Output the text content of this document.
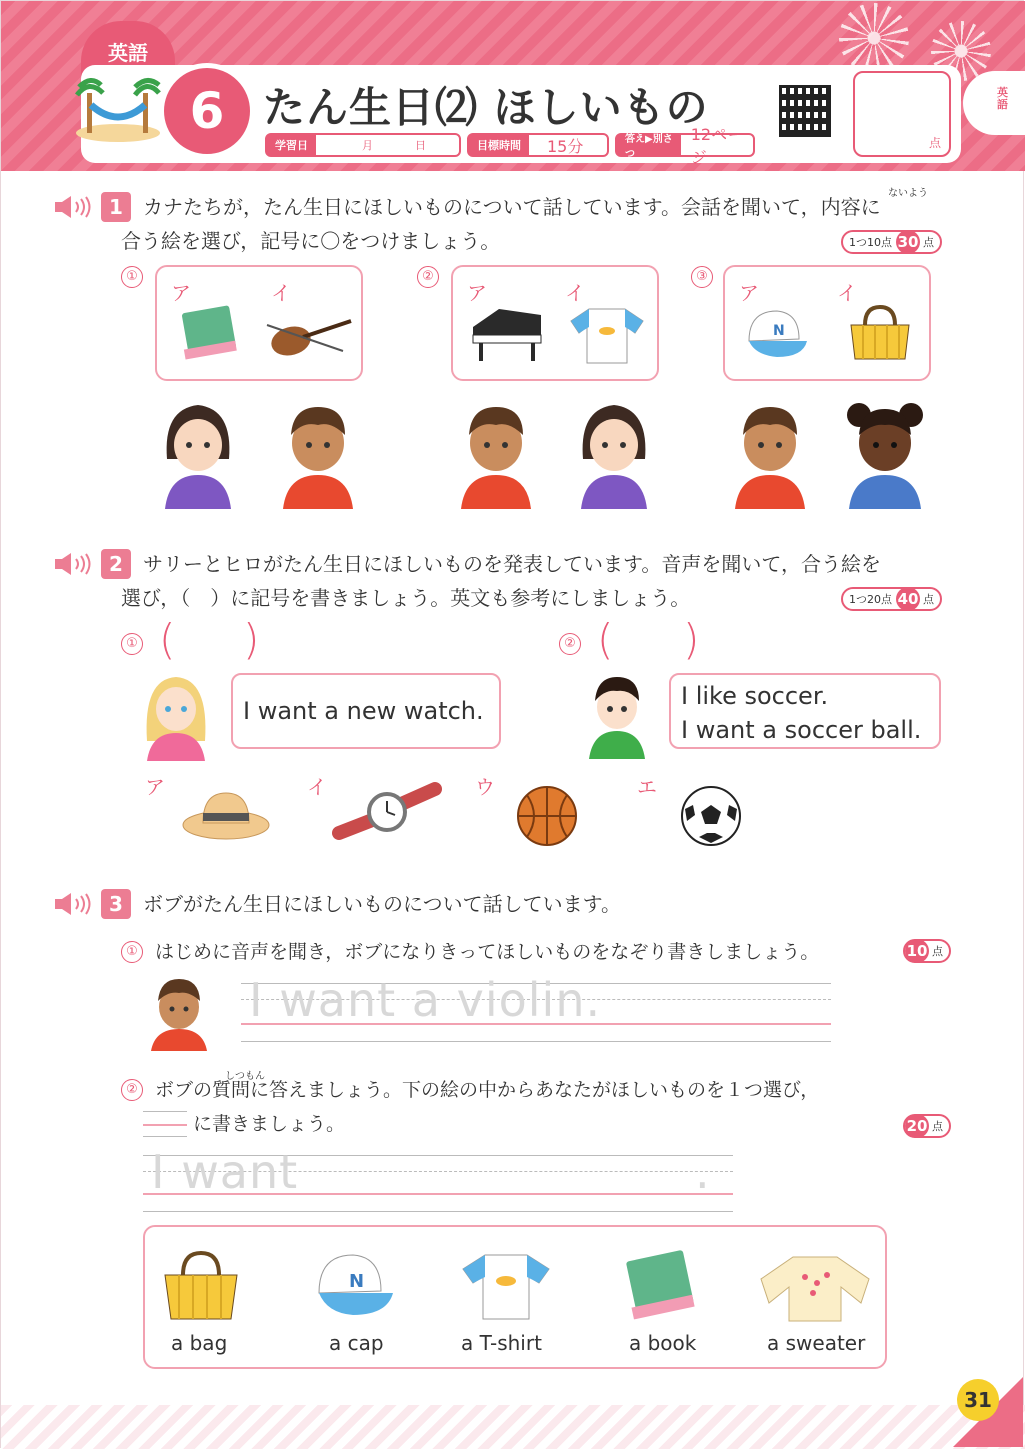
英語
6 たん生日⑵ ほしいもの
学習日	月	日	目標時間	15分	答え▶別さつ
12ページ
点
英語
1
ないよう
カナたちが，たん生日にほしいものについて話しています。会話を聞いて，内容に
合う絵を選び，記号に〇をつけましょう。	1つ10点 30 点
①
ア	イ
②
ア	イ
③
ア	イ
N
2	サリーとヒロがたん生日にほしいものを発表しています。音声を聞いて，合う絵を
選び，（　）に記号を書きましょう。英文も参考にしましょう。	1つ20点 40 点
① ( )	② ( )
I want a new watch.
I like soccer.
I want a soccer ball.
ア	イ	ウ	エ
3	ボブがたん生日にほしいものについて話しています。
① はじめに音声を聞き，ボブになりきってほしいものをなぞり書きしましょう。	10 点
I want a violin.
②
しつもん
ボブの質問に答えましょう。下の絵の中からあなたがほしいものを１つ選び，
に書きましょう。	20 点
I want	.
a bag
N
a cap	a T-shirt	a book	a sweater
31
